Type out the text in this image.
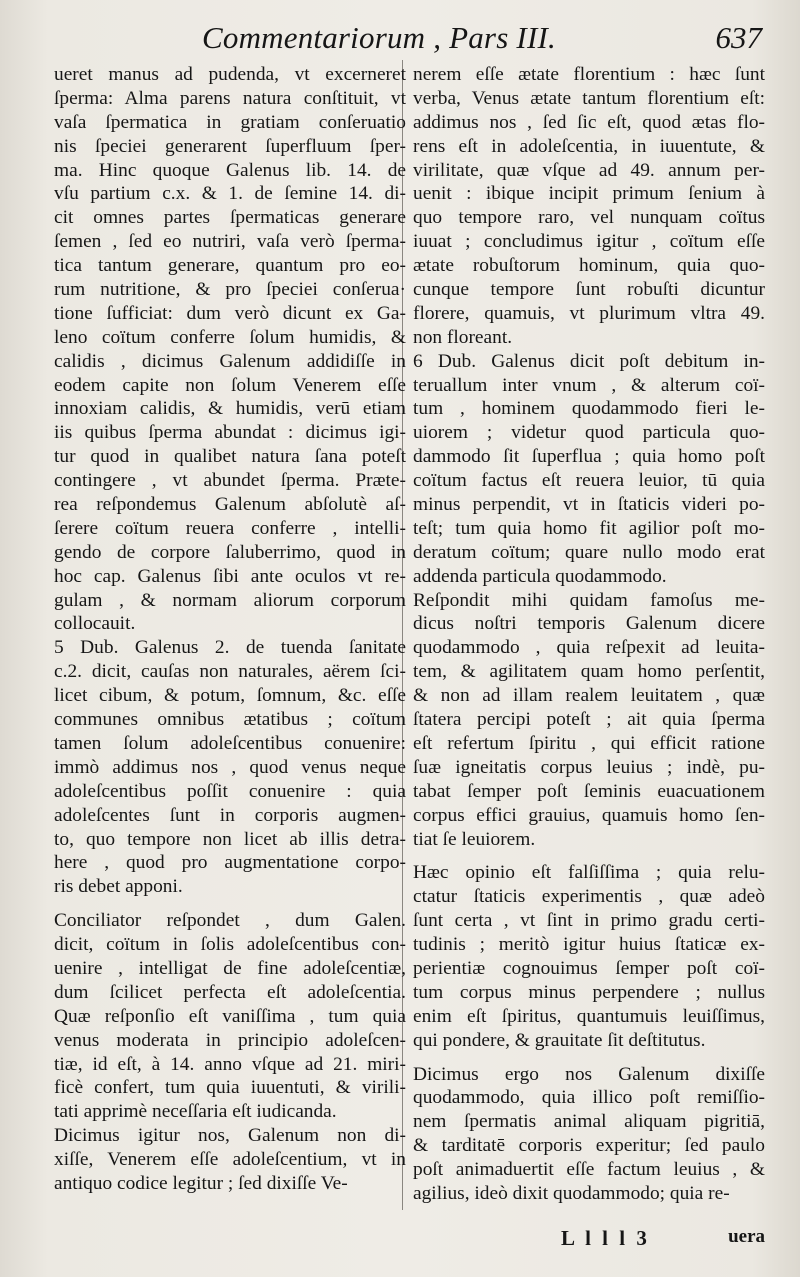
Commentariorum , Pars III.	637
ueret manus ad pudenda, vt excerneret
ſperma: Alma parens natura conſtituit, vt
vaſa ſpermatica in gratiam conſeruatio
nis ſpeciei generarent ſuperfluum ſper-
ma. Hinc quoque Galenus lib. 14. de
vſu partium c.x. & 1. de ſemine 14. di-
cit omnes partes ſpermaticas generare
ſemen , ſed eo nutriri, vaſa verò ſperma-
tica tantum generare, quantum pro eo-
rum nutritione, & pro ſpeciei conſerua·
tione ſufficiat: dum verò dicunt ex Ga-
leno coïtum conferre ſolum humidis, &
calidis , dicimus Galenum addidiſſe in
eodem capite non ſolum Venerem eſſe
innoxiam calidis, & humidis, verū etiam
iis quibus ſperma abundat : dicimus igi-
tur quod in qualibet natura ſana poteſt
contingere , vt abundet ſperma. Præte-
rea reſpondemus Galenum abſolutè aſ-
ſerere coïtum reuera conferre , intelli-
gendo de corpore ſaluberrimo, quod in
hoc cap. Galenus ſibi ante oculos vt re-
gulam , & normam aliorum corporum
collocauit.
5 Dub. Galenus 2. de tuenda ſanitate
c.2. dicit, cauſas non naturales, aërem ſci-
licet cibum, & potum, ſomnum, &c. eſſe
communes omnibus ætatibus ; coïtum
tamen ſolum adoleſcentibus conuenire:
immò addimus nos , quod venus neque
adoleſcentibus poſſit conuenire : quia
adoleſcentes ſunt in corporis augmen-
to, quo tempore non licet ab illis detra-
here , quod pro augmentatione corpo-
ris debet apponi.
Conciliator reſpondet , dum Galen.
dicit, coïtum in ſolis adoleſcentibus con-
uenire , intelligat de fine adoleſcentiæ,
dum ſcilicet perfecta eſt adoleſcentia.
Quæ reſponſio eſt vaniſſima , tum quia
venus moderata in principio adoleſcen-
tiæ, id eſt, à 14. anno vſque ad 21. miri-
ficè confert, tum quia iuuentuti, & virili-
tati apprimè neceſſaria eſt iudicanda.
Dicimus igitur nos, Galenum non di-
xiſſe, Venerem eſſe adoleſcentium, vt in
antiquo codice legitur ; ſed dixiſſe Ve-
nerem eſſe ætate florentium : hæc ſunt
verba, Venus ætate tantum florentium eſt:
addimus nos , ſed ſic eſt, quod ætas flo-
rens eſt in adoleſcentia, in iuuentute, &
virilitate, quæ vſque ad 49. annum per-
uenit : ibique incipit primum ſenium à
quo tempore raro, vel nunquam coïtus
iuuat ; concludimus igitur , coïtum eſſe
ætate robuſtorum hominum, quia quo-
cunque tempore ſunt robuſti dicuntur
florere, quamuis, vt plurimum vltra 49.
non floreant.
6 Dub. Galenus dicit poſt debitum in-
teruallum inter vnum , & alterum coï-
tum , hominem quodammodo fieri le-
uiorem ; videtur quod particula quo-
dammodo ſit ſuperflua ; quia homo poſt
coïtum factus eſt reuera leuior, tū quia
minus perpendit, vt in ſtaticis videri po-
teſt; tum quia homo fit agilior poſt mo-
deratum coïtum; quare nullo modo erat
addenda particula quodammodo.
Reſpondit mihi quidam famoſus me-
dicus noſtri temporis Galenum dicere
quodammodo , quia reſpexit ad leuita-
tem, & agilitatem quam homo perſentit,
& non ad illam realem leuitatem , quæ
ſtatera percipi poteſt ; ait quia ſperma
eſt refertum ſpiritu , qui efficit ratione
ſuæ igneitatis corpus leuius ; indè, pu-
tabat ſemper poſt ſeminis euacuationem
corpus effici grauius, quamuis homo ſen-
tiat ſe leuiorem.
Hæc opinio eſt falſiſſima ; quia relu-
ctatur ſtaticis experimentis , quæ adeò
ſunt certa , vt ſint in primo gradu certi-
tudinis ; meritò igitur huius ſtaticæ ex-
perientiæ cognouimus ſemper poſt coï-
tum corpus minus perpendere ; nullus
enim eſt ſpiritus, quantumuis leuiſſimus,
qui pondere, & grauitate ſit deſtitutus.
Dicimus ergo nos Galenum dixiſſe
quodammodo, quia illico poſt remiſſio-
nem ſpermatis animal aliquam pigritiā,
& tarditatē corporis experitur; ſed paulo
poſt animaduertit eſſe factum leuius , &
agilius, ideò dixit quodammodo; quia re-
L l l l 3	uera
